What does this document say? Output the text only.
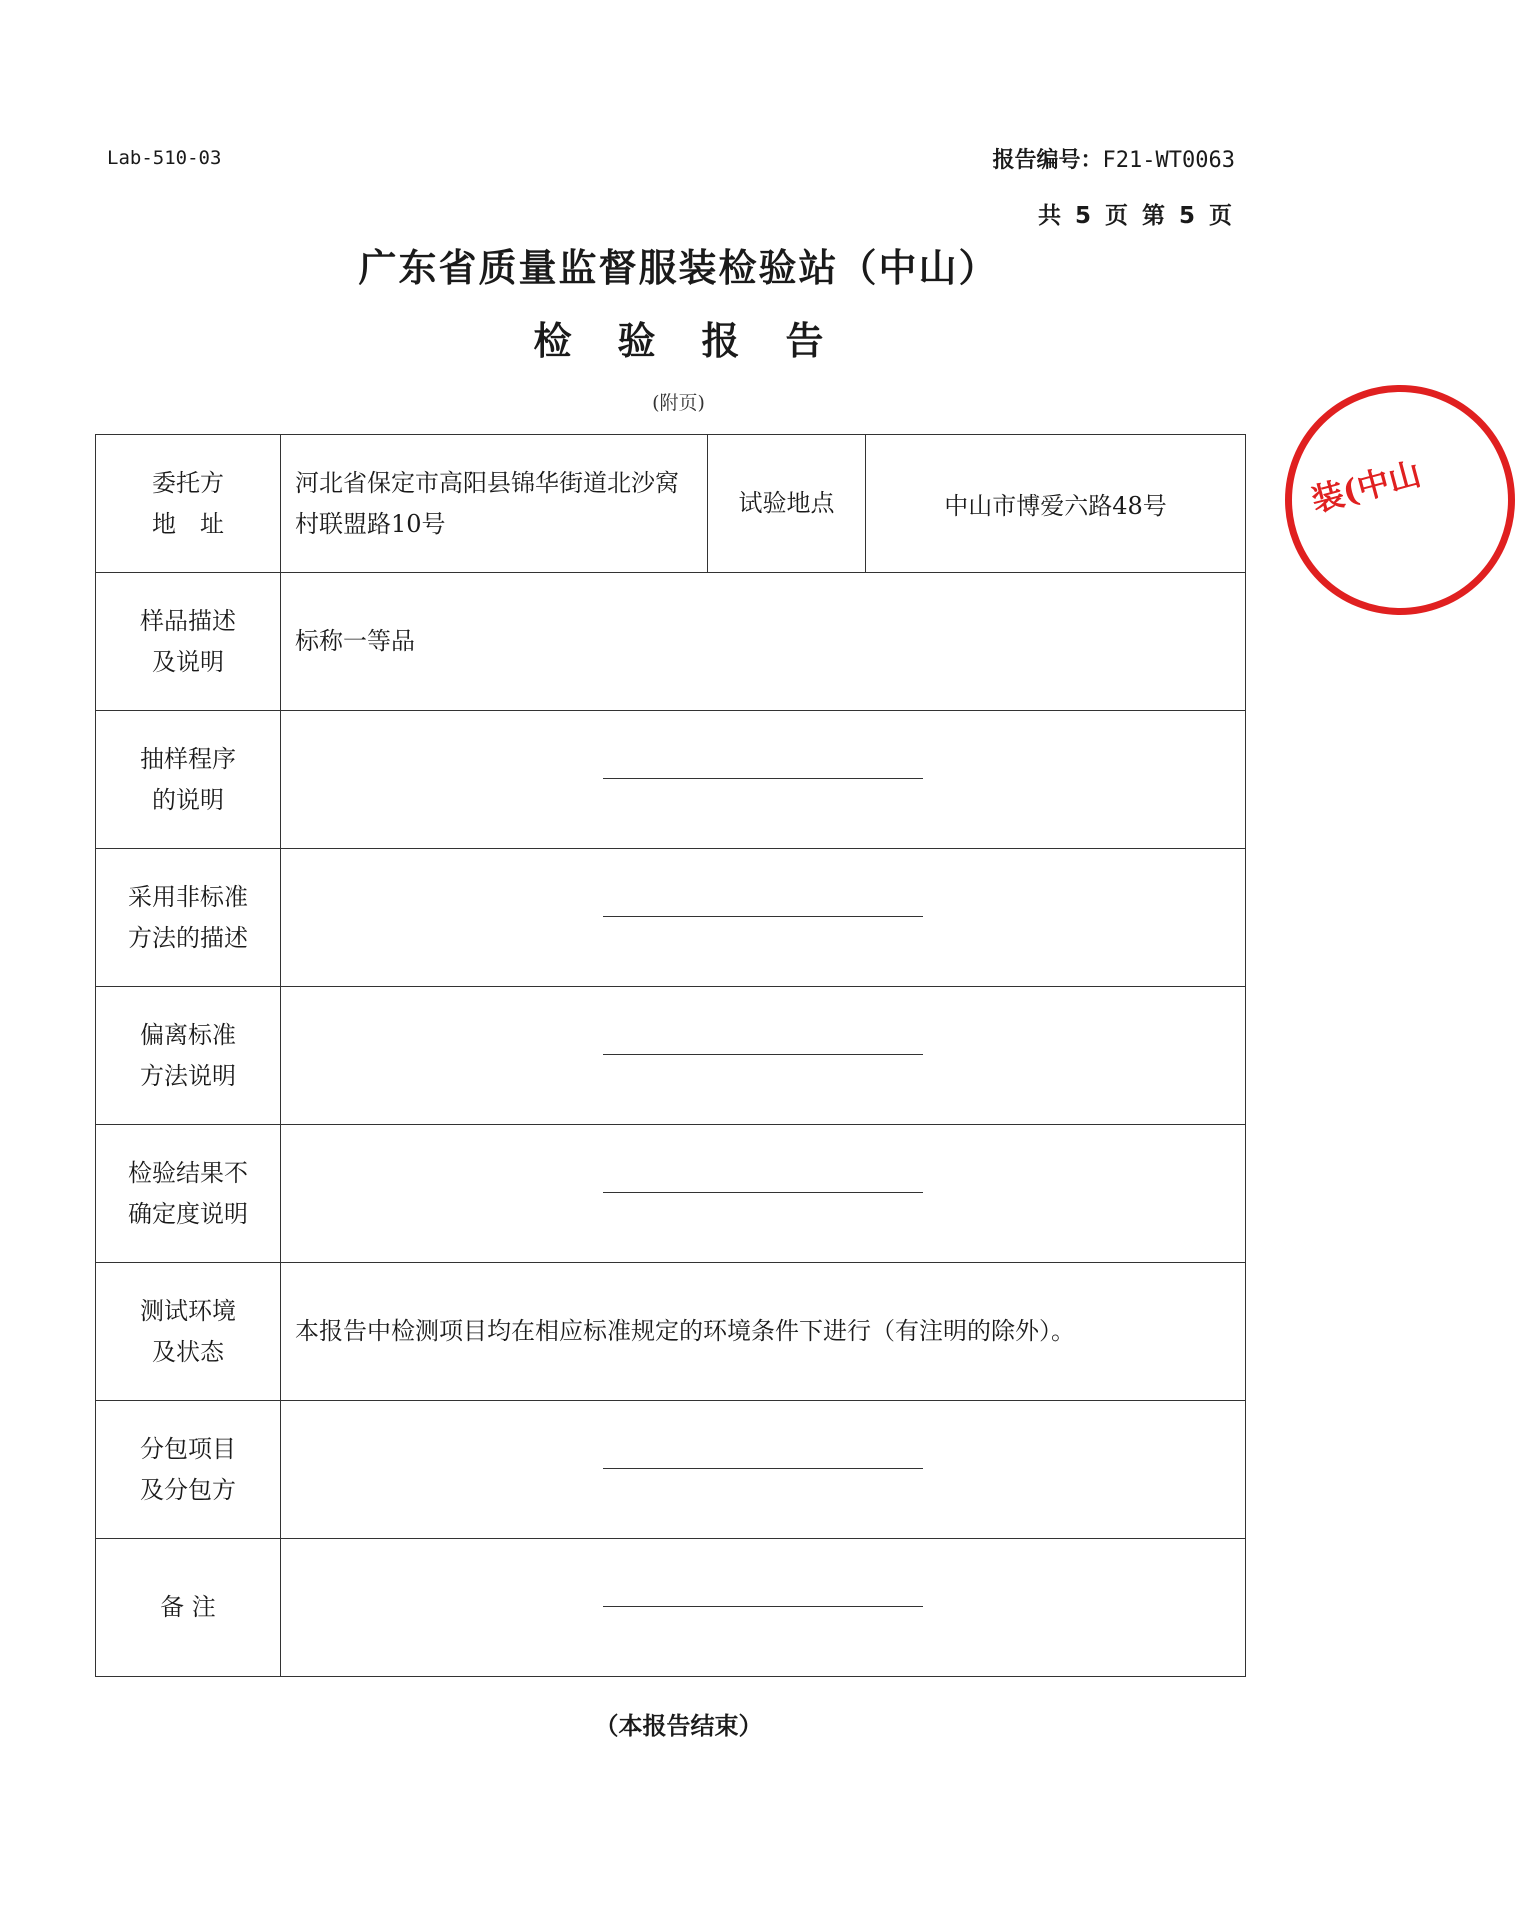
Lab-510-03	报告编号：F21-WT0063
共 5 页 第 5 页
广东省质量监督服装检验站（中山）
检验报告
(附页)
委托方
地　址	河北省保定市高阳县锦华街道北沙窝村联盟路10号	试验地点	中山市博爱六路48号

样品描述
及说明	标称一等品		

抽样程序
的说明			

采用非标准
方法的描述			

偏离标准
方法说明			

检验结果不
确定度说明			

测试环境
及状态	本报告中检测项目均在相应标准规定的环境条件下进行（有注明的除外）。		

分包项目
及分包方			

备 注			

（本报告结束）
装(中山
